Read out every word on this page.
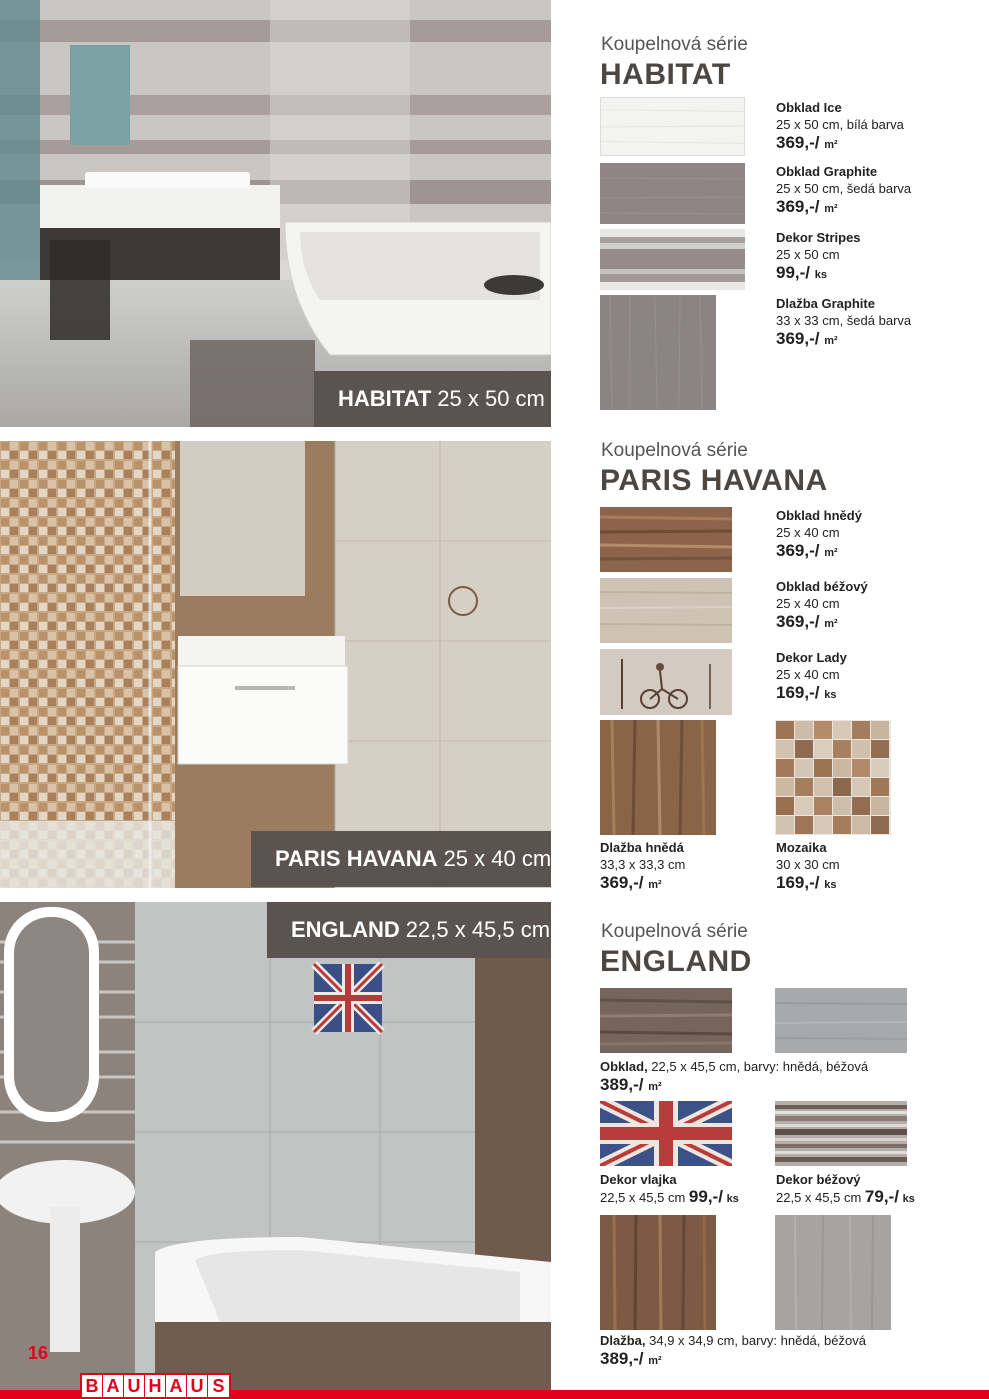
HABITAT 25 x 50 cm
PARIS HAVANA 25 x 40 cm
ENGLAND 22,5 x 45,5 cm
Koupelnová série
HABITAT
Obklad Ice
25 x 50 cm, bílá barva
369,-/ m²
Obklad Graphite
25 x 50 cm, šedá barva
369,-/ m²
Dekor Stripes
25 x 50 cm
99,-/ ks
Dlažba Graphite
33 x 33 cm, šedá barva
369,-/ m²
Koupelnová série
PARIS HAVANA
Obklad hnědý
25 x 40 cm
369,-/ m²
Obklad béžový
25 x 40 cm
369,-/ m²
Dekor Lady
25 x 40 cm
169,-/ ks
Dlažba hnědá
33,3 x 33,3 cm
369,-/ m²
Mozaika
30 x 30 cm
169,-/ ks
Koupelnová série
ENGLAND
Obklad, 22,5 x 45,5 cm, barvy: hnědá, béžová
389,-/ m²
Dekor vlajka
22,5 x 45,5 cm 99,-/ ks
Dekor béžový
22,5 x 45,5 cm 79,-/ ks
Dlažba, 34,9 x 34,9 cm, barvy: hnědá, béžová
389,-/ m²
16
B A U H A U S
